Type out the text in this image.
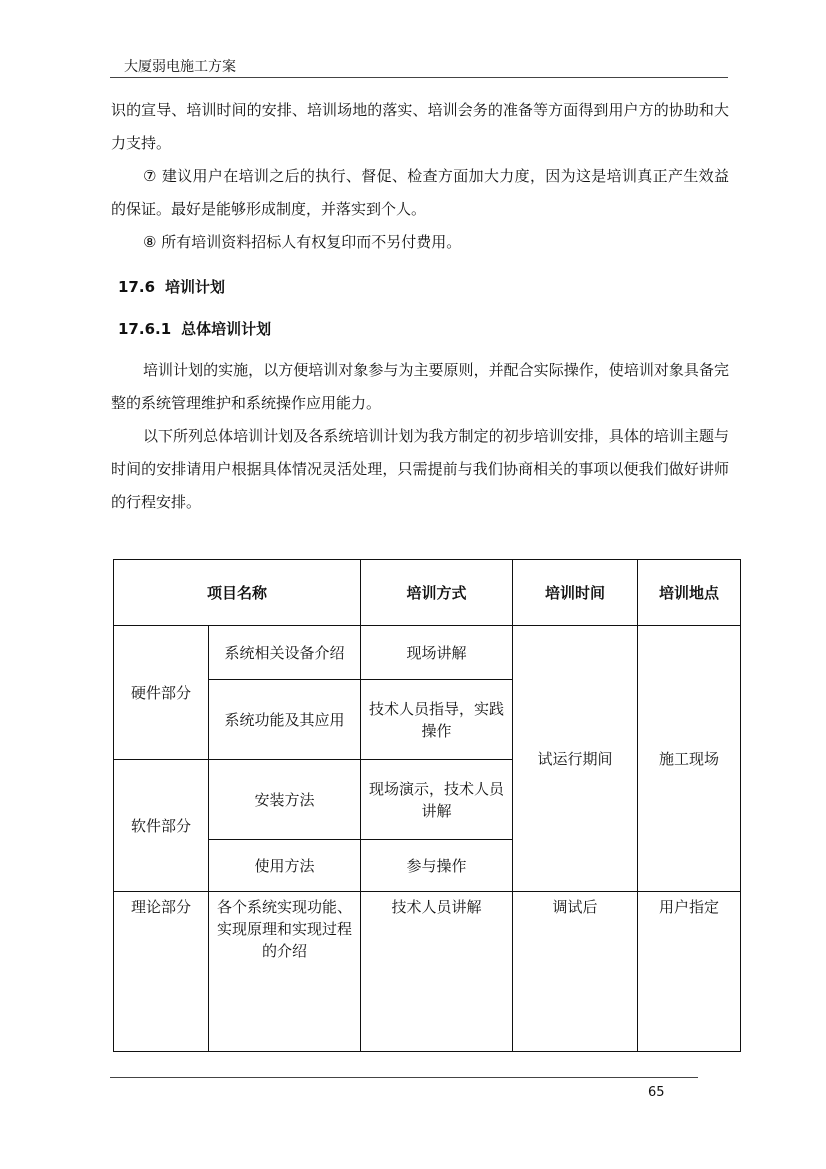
大厦弱电施工方案

识的宣导、培训时间的安排、培训场地的落实、培训会务的准备等方面得到用户方的协助和大力支持。

⑦ 建议用户在培训之后的执行、督促、检查方面加大力度，因为这是培训真正产生效益的保证。最好是能够形成制度，并落实到个人。

⑧ 所有培训资料招标人有权复印而不另付费用。

17.6 培训计划
17.6.1 总体培训计划

培训计划的实施，以方便培训对象参与为主要原则，并配合实际操作，使培训对象具备完整的系统管理维护和系统操作应用能力。

以下所列总体培训计划及各系统培训计划为我方制定的初步培训安排，具体的培训主题与时间的安排请用户根据具体情况灵活处理，只需提前与我们协商相关的事项以便我们做好讲师的行程安排。

项目名称		培训方式	培训时间	培训地点
硬件部分	系统相关设备介绍	现场讲解	试运行期间	施工现场
	系统功能及其应用	技术人员指导，实践操作		
软件部分	安装方法	现场演示，技术人员讲解		
	使用方法	参与操作		
理论部分	各个系统实现功能、实现原理和实现过程的介绍	技术人员讲解	调试后	用户指定
65
